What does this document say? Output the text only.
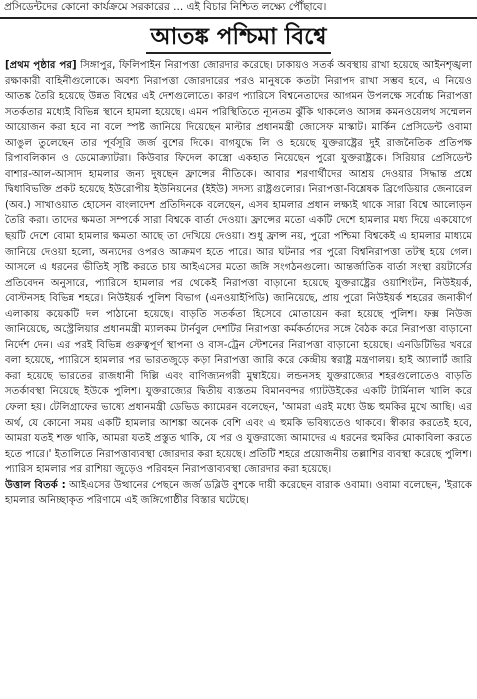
প্রসিডেন্টদের কোনো কার্যক্রমে সরকারের ... এই বিচার নিশ্চিত লক্ষ্যে পৌঁছাবে।
আতঙ্ক পশ্চিমা বিশ্বে

[প্রথম পৃষ্ঠার পর] সিঙ্গাপুর, ফিলিপাইন নিরাপত্তা জোরদার করেছে। ঢাকায়ও সতর্ক অবস্থায় রাখা হয়েছে আইনশৃঙ্খলা রক্ষাকারী বাহিনীগুলোকে। অবশ্য নিরাপত্তা জোরদারের পরও মানুষকে কতটা নিরাপদ রাখা সম্ভব হবে, এ নিয়েও আতঙ্ক তৈরি হয়েছে উন্নত বিশ্বের এই দেশগুলোতে। কারণ প্যারিসে বিশ্বনেতাদের আগমন উপলক্ষে সর্বোচ্চ নিরাপত্তা সতর্কতার মধ্যেই বিভিন্ন স্থানে হামলা হয়েছে। এমন পরিস্থিতিতে ন্যূনতম ঝুঁকি থাকলেও আসন্ন কমনওয়েলথ সম্মেলন আয়োজন করা হবে না বলে স্পষ্ট জানিয়ে দিয়েছেন মাল্টার প্রধানমন্ত্রী জোসেফ মাস্কাট। মার্কিন প্রেসিডেন্ট ওবামা আঙুল তুলেছেন তার পূর্বসূরি জর্জ বুশের দিকে। বাগযুদ্ধে লি ও হয়েছে যুক্তরাষ্ট্রের দুই রাজনৈতিক প্রতিপক্ষ রিপাবলিকান ও ডেমোক্র্যাটরা। কিউবার ফিদেল কাস্ত্রো একহাত নিয়েছেন পুরো যুক্তরাষ্ট্রকে। সিরিয়ার প্রেসিডেন্ট বাশার-আল-আসাদ হামলার জন্য দুষছেন ফ্রান্সের নীতিকে। আবার শরণার্থীদের আশ্রয় দেওয়ার সিদ্ধান্ত প্রশ্নে দ্বিধাবিভক্তি প্রকট হয়েছে ইউরোপীয় ইউনিয়নের (ইইউ) সদস্য রাষ্ট্রগুলোর। নিরাপত্তা-বিশ্লেষক ব্রিগেডিয়ার জেনারেল (অব.) সাখাওয়াত হোসেন বাংলাদেশ প্রতিদিনকে বলেছেন, এসব হামলার প্রধান লক্ষ্যই থাকে সারা বিশ্বে আলোড়ন তৈরি করা। তাদের ক্ষমতা সম্পর্কে সারা বিশ্বকে বার্তা দেওয়া। ফ্রান্সের মতো একটি দেশে হামলার মধ্য দিয়ে একযোগে ছয়টি দেশে বোমা হামলার ক্ষমতা আছে তা দেখিয়ে দেওয়া। শুধু ফ্রান্স নয়, পুরো পশ্চিমা বিশ্বকেই এ হামলার মাধ্যমে জানিয়ে দেওয়া হলো, অন্যদের ওপরও আক্রমণ হতে পারে। আর ঘটনার পর পুরো বিশ্বনিরাপত্তা তটস্থ হয়ে গেল। আসলে এ ধরনের ভীতিই সৃষ্টি করতে চায় আইএসের মতো জঙ্গি সংগঠনগুলো। আন্তর্জাতিক বার্তা সংস্থা রয়টার্সের প্রতিবেদন অনুসারে, প্যারিসে হামলার পর থেকেই নিরাপত্তা বাড়ানো হয়েছে যুক্তরাষ্ট্রের ওয়াশিংটন, নিউইয়র্ক, বোস্টনসহ বিভিন্ন শহরে। নিউইয়র্ক পুলিশ বিভাগ (এনওয়াইপিডি) জানিয়েছে, প্রায় পুরো নিউইয়র্ক শহরের জনাকীর্ণ এলাকায় কয়েকটি দল পাঠানো হয়েছে। বাড়তি সতর্কতা হিসেবে মোতায়েন করা হয়েছে পুলিশ। ফক্স নিউজ জানিয়েছে, অস্ট্রেলিয়ার প্রধানমন্ত্রী ম্যালকম টার্নবুল দেশটির নিরাপত্তা কর্মকর্তাদের সঙ্গে বৈঠক করে নিরাপত্তা বাড়ানো নির্দেশ দেন। এর পরই বিভিন্ন গুরুত্বপূর্ণ স্থাপনা ও বাস-ট্রেন স্টেশনের নিরাপত্তা বাড়ানো হয়েছে। এনডিটিভির খবরে বলা হয়েছে, প্যারিসে হামলার পর ভারতজুড়ে কড়া নিরাপত্তা জারি করে কেন্দ্রীয় স্বরাষ্ট্র মন্ত্রণালয়। হাই অ্যালার্ট জারি করা হয়েছে ভারতের রাজধানী দিল্লি এবং বাণিজ্যনগরী মুম্বাইয়ে। লন্ডনসহ যুক্তরাজ্যের শহরগুলোতেও বাড়তি সতর্কাবস্থা নিয়েছে ইউকে পুলিশ। যুক্তরাজ্যের দ্বিতীয় ব্যস্ততম বিমানবন্দর গ্যাটউইকের একটি টার্মিনাল খালি করে ফেলা হয়। টেলিগ্রাফের ভাষ্যে প্রধানমন্ত্রী ডেভিড ক্যামেরন বলেছেন, 'আমরা এরই মধ্যে উচ্চ হুমকির মুখে আছি। এর অর্থ, যে কোনো সময় একটি হামলার আশঙ্কা অনেক বেশি এবং এ হুমকি ভবিষ্যতেও থাকবে। স্বীকার করতেই হবে, আমরা যতই শক্ত থাকি, আমরা যতই প্রস্তুত থাকি, যে পর ও যুক্তরাজ্যে আমাদের এ ধরনের হুমকির মোকাবিলা করতে হতে পারে।' ইতালিতে নিরাপত্তাব্যবস্থা জোরদার করা হয়েছে। প্রতিটি শহরে প্রয়োজনীয় তল্লাশির ব্যবস্থা করেছে পুলিশ। প্যারিস হামলার পর রাশিয়া জুড়েও পরিবহন নিরাপত্তাব্যবস্থা জোরদার করা হয়েছে।

উত্তাল বিতর্ক : আইএসের উত্থানের পেছনে জর্জ ডব্লিউ বুশকে দায়ী করেছেন বারাক ওবামা। ওবামা বলেছেন, 'ইরাকে হামলার অনিচ্ছাকৃত পরিণামে এই জঙ্গিগোষ্ঠীর বিস্তার ঘটেছে।
